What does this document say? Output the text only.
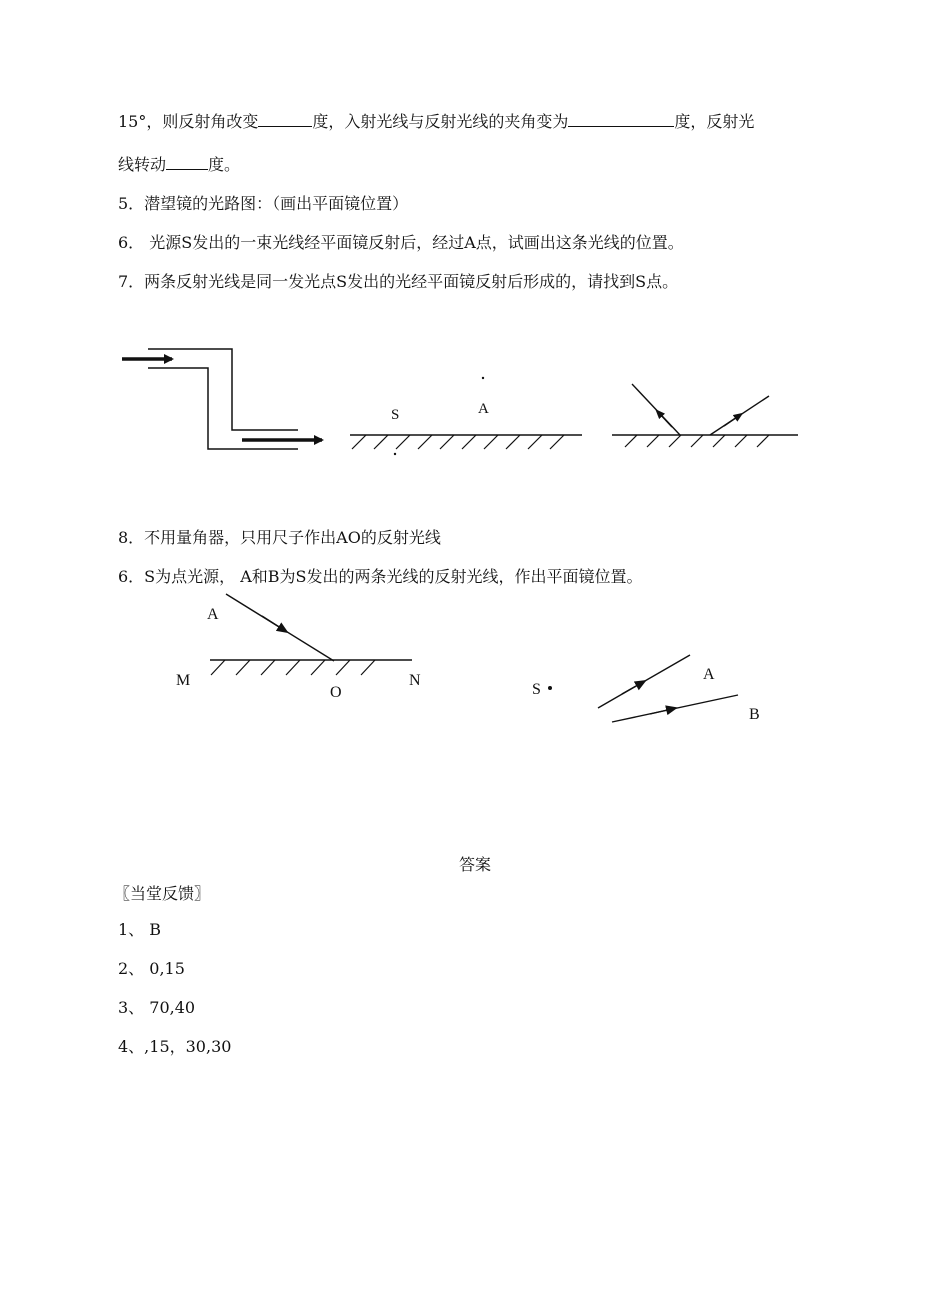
15°，则反射角改变	度，入射光线与反射光线的夹角变为	度，反射光
线转动	度。
5．潜望镜的光路图：（画出平面镜位置）
6． 光源S发出的一束光线经平面镜反射后，经过A点，试画出这条光线的位置。
7．两条反射光线是同一发光点S发出的光经平面镜反射后形成的，请找到S点。
S	A
8．不用量角器，只用尺子作出AO的反射光线
6．S为点光源， A和B为S发出的两条光线的反射光线，作出平面镜位置。
A
M
O
N
S
A
B
答案
〖当堂反馈〗
1、 B
2、 0,15
3、 70,40
4、,15，30,30
